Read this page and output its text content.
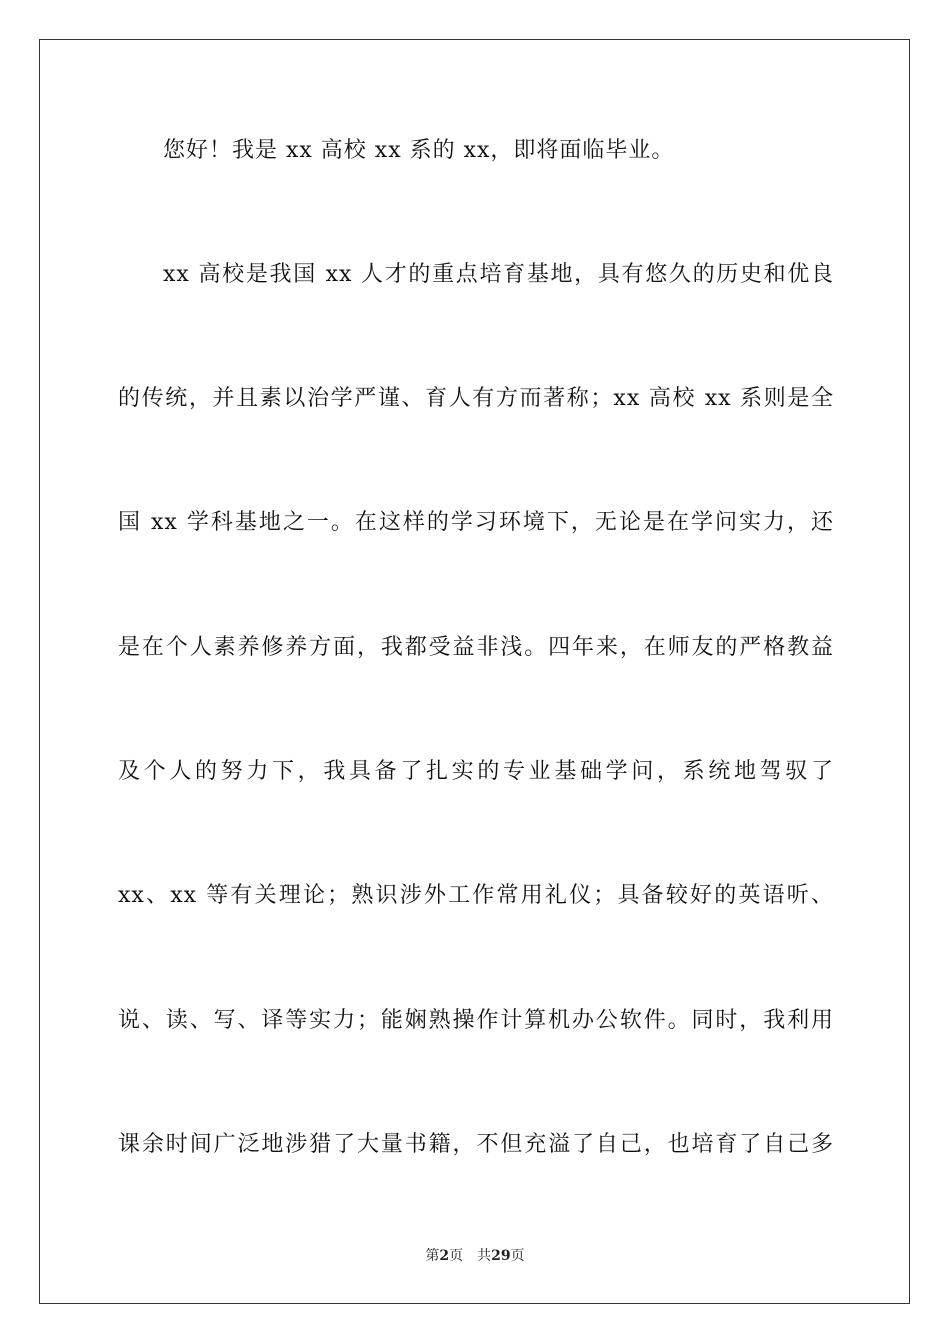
您好！我是 xx 高校 xx 系的 xx，即将面临毕业。
xx 高校是我国 xx 人才的重点培育基地，具有悠久的历史和优良
的传统，并且素以治学严谨、育人有方而著称；xx 高校 xx 系则是全
国 xx 学科基地之一。在这样的学习环境下，无论是在学问实力，还
是在个人素养修养方面，我都受益非浅。四年来，在师友的严格教益
及个人的努力下，我具备了扎实的专业基础学问，系统地驾驭了
xx、xx 等有关理论；熟识涉外工作常用礼仪；具备较好的英语听、
说、读、写、译等实力；能娴熟操作计算机办公软件。同时，我利用
课余时间广泛地涉猎了大量书籍，不但充溢了自己，也培育了自己多
第2页 共29页
